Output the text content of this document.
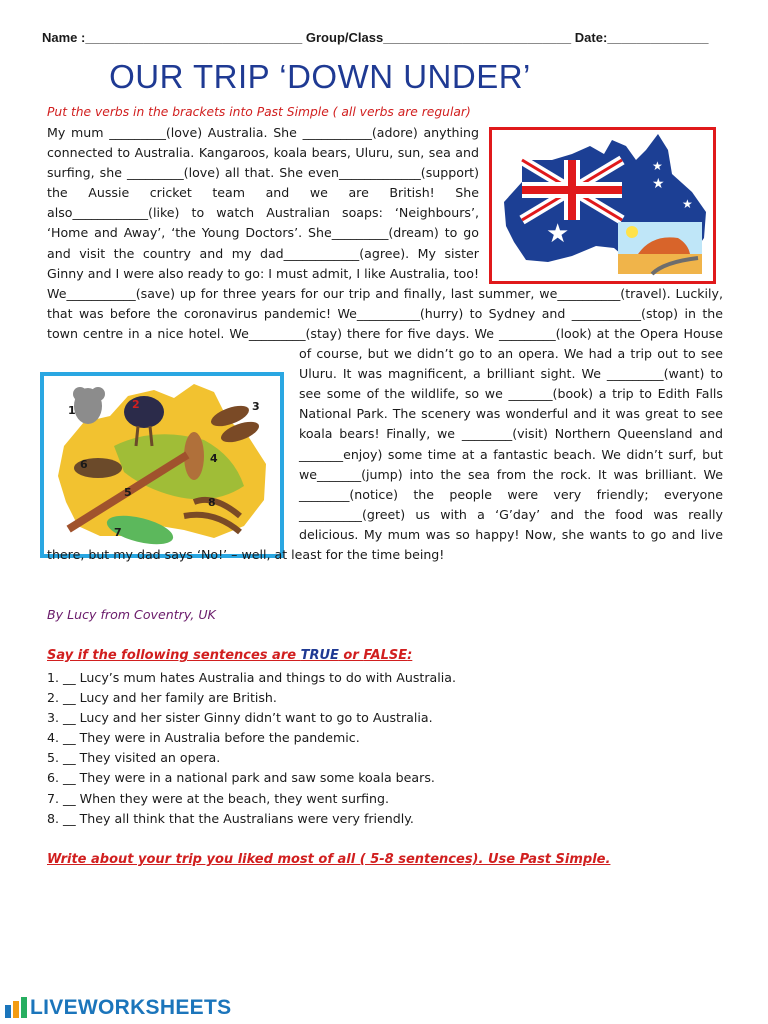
Name :______________________________ Group/Class__________________________ Date:______________
OUR TRIP ‘DOWN UNDER’
Put the verbs in the brackets into Past Simple ( all verbs are regular)
★
★
★
★
1	2	3
4
5
6
7
8
My mum _________(love) Australia. She ___________(adore) anything connected to Australia. Kangaroos, koala bears, Uluru, sun, sea and surfing, she _________(love) all that. She even_____________(support) the Aussie cricket team and we are British! She also____________(like) to watch Australian soaps: ‘Neighbours’, ‘Home and Away’, ‘the Young Doctors’. She_________(dream) to go and visit the country and my dad____________(agree). My sister Ginny and I were also ready to go: I must admit, I like Australia, too! We___________(save) up for three years for our trip and finally, last summer, we__________(travel). Luckily, that was before the coronavirus pandemic! We__________(hurry) to Sydney and ___________(stop) in the town centre in a nice hotel. We_________(stay) there for five days. We _________(look) at the Opera House of course, but we didn’t go to an opera. We had a trip out to see Uluru. It was magnificent, a brilliant sight. We _________(want) to see some of the wildlife, so we _______(book) a trip to Edith Falls National Park. The scenery was wonderful and it was great to see koala bears! Finally, we ________(visit) Northern Queensland and _______enjoy) some time at a fantastic beach. We didn’t surf, but we_______(jump) into the sea from the rock. It was brilliant. We ________(notice) the people were very friendly; everyone __________(greet) us with a ‘G’day’ and the food was really delicious. My mum was so happy! Now, she wants to go and live there, but my dad says ‘No!’ – well, at least for the time being!
By Lucy from Coventry, UK
Say if the following sentences are TRUE or FALSE:
1. __ Lucy’s mum hates Australia and things to do with Australia.
2. __ Lucy and her family are British.
3. __ Lucy and her sister Ginny didn’t want to go to Australia.
4. __ They were in Australia before the pandemic.
5. __ They visited an opera.
6. __ They were in a national park and saw some koala bears.
7. __ When they were at the beach, they went surfing.
8. __ They all think that the Australians were very friendly.
Write about your trip you liked most of all ( 5-8 sentences). Use Past Simple.
LIVEWORKSHEETS
